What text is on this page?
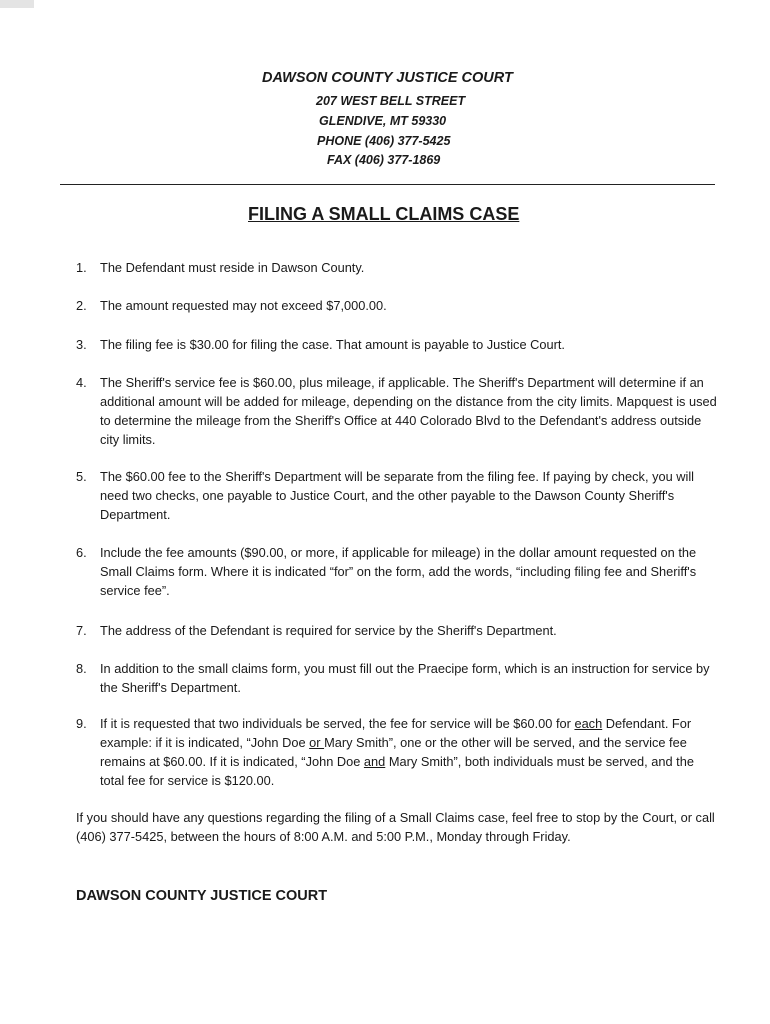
DAWSON COUNTY JUSTICE COURT
207 WEST BELL STREET
GLENDIVE, MT 59330
PHONE (406) 377-5425
FAX (406) 377-1869
FILING A SMALL CLAIMS CASE
1.	The Defendant must reside in Dawson County.
2.	The amount requested may not exceed $7,000.00.
3.	The filing fee is $30.00 for filing the case. That amount is payable to Justice Court.
4.	The Sheriff's service fee is $60.00, plus mileage, if applicable. The Sheriff's Department will determine if an additional amount will be added for mileage, depending on the distance from the city limits. Mapquest is used to determine the mileage from the Sheriff's Office at 440 Colorado Blvd to the Defendant's address outside city limits.
5.	The $60.00 fee to the Sheriff's Department will be separate from the filing fee. If paying by check, you will need two checks, one payable to Justice Court, and the other payable to the Dawson County Sheriff's Department.
6.	Include the fee amounts ($90.00, or more, if applicable for mileage) in the dollar amount requested on the Small Claims form. Where it is indicated “for” on the form, add the words, “including filing fee and Sheriff's service fee”.
7.	The address of the Defendant is required for service by the Sheriff's Department.
8.	In addition to the small claims form, you must fill out the Praecipe form, which is an instruction for service by the Sheriff's Department.
9.	If it is requested that two individuals be served, the fee for service will be $60.00 for each Defendant. For example: if it is indicated, “John Doe or Mary Smith”, one or the other will be served, and the service fee remains at $60.00. If it is indicated, “John Doe and Mary Smith”, both individuals must be served, and the total fee for service is $120.00.
If you should have any questions regarding the filing of a Small Claims case, feel free to stop by the Court, or call (406) 377-5425, between the hours of 8:00 A.M. and 5:00 P.M., Monday through Friday.
DAWSON COUNTY JUSTICE COURT
